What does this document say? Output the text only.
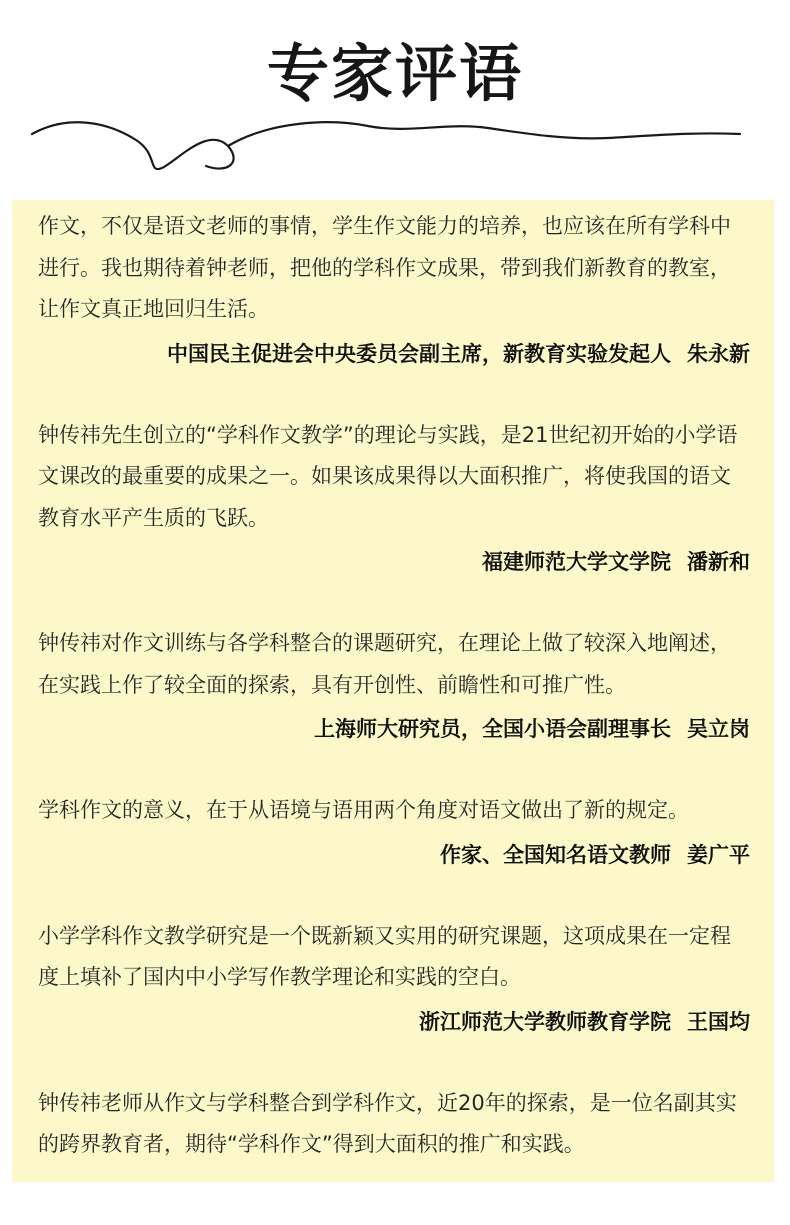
专家评语

作文，不仅是语文老师的事情，学生作文能力的培养，也应该在所有学科中进行。我也期待着钟老师，把他的学科作文成果，带到我们新教育的教室，让作文真正地回归生活。

中国民主促进会中央委员会副主席，新教育实验发起人 朱永新

钟传祎先生创立的“学科作文教学”的理论与实践，是21世纪初开始的小学语文课改的最重要的成果之一。如果该成果得以大面积推广，将使我国的语文教育水平产生质的飞跃。

福建师范大学文学院 潘新和

钟传祎对作文训练与各学科整合的课题研究，在理论上做了较深入地阐述，在实践上作了较全面的探索，具有开创性、前瞻性和可推广性。

上海师大研究员，全国小语会副理事长 吴立岗

学科作文的意义，在于从语境与语用两个角度对语文做出了新的规定。

作家、全国知名语文教师 姜广平

小学学科作文教学研究是一个既新颖又实用的研究课题，这项成果在一定程度上填补了国内中小学写作教学理论和实践的空白。

浙江师范大学教师教育学院 王国均

钟传祎老师从作文与学科整合到学科作文，近20年的探索，是一位名副其实的跨界教育者，期待“学科作文”得到大面积的推广和实践。
